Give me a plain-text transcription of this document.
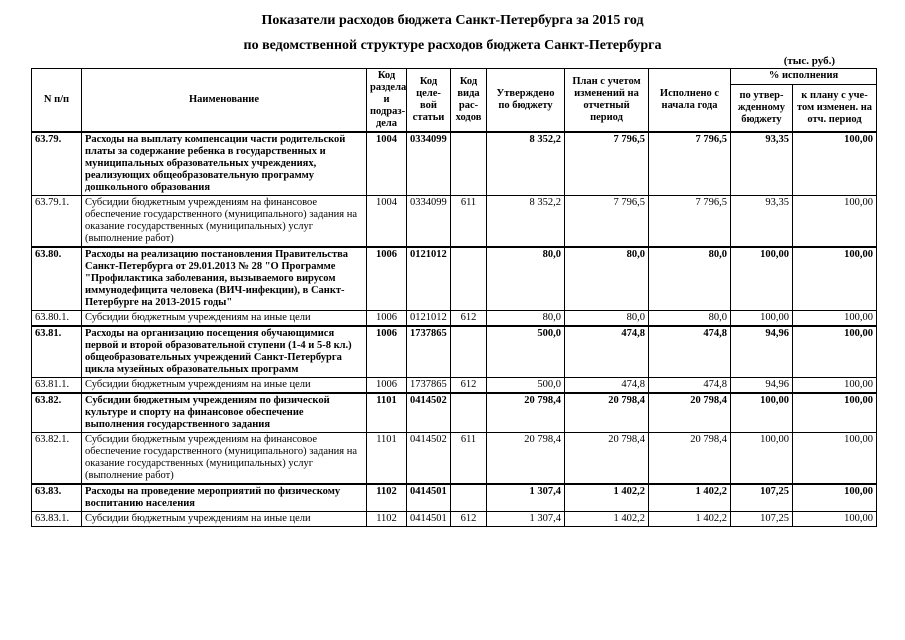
Показатели расходов бюджета Санкт-Петербурга за 2015 год
по ведомственной структуре расходов бюджета Санкт-Петербурга
(тыс. руб.)
N п/п	Наименование	Код раздела и подраз-дела	Код целе-вой статьи	Код вида рас-ходов	Утверждено по бюджету	План с учетом изменений на отчетный период	Исполнено с начала года	% исполнения	
								по утвер-жденному бюджету	к плану с уче-том изменен. на отч. период
63.79.	Расходы на выплату компенсации части родительской платы за содержание ребенка в государственных и муниципальных образовательных учреждениях, реализующих общеобразовательную программу дошкольного образования	1004	0334099		8 352,2	7 796,5	7 796,5	93,35	100,00
63.79.1.	Субсидии бюджетным учреждениям на финансовое обеспечение государственного (муниципального) задания на оказание государственных (муниципальных) услуг (выполнение работ)	1004	0334099	611	8 352,2	7 796,5	7 796,5	93,35	100,00
63.80.	Расходы на реализацию постановления Правительства Санкт-Петербурга от 29.01.2013 № 28 "О Программе "Профилактика заболевания, вызываемого вирусом иммунодефицита человека (ВИЧ-инфекции), в Санкт-Петербурге на 2013-2015 годы"	1006	0121012		80,0	80,0	80,0	100,00	100,00
63.80.1.	Субсидии бюджетным учреждениям на иные цели	1006	0121012	612	80,0	80,0	80,0	100,00	100,00
63.81.	Расходы на организацию посещения обучающимися первой и второй образовательной ступени (1-4 и 5-8 кл.) общеобразовательных учреждений Санкт-Петербурга цикла музейных образовательных программ	1006	1737865		500,0	474,8	474,8	94,96	100,00
63.81.1.	Субсидии бюджетным учреждениям на иные цели	1006	1737865	612	500,0	474,8	474,8	94,96	100,00
63.82.	Субсидии бюджетным учреждениям по физической культуре и спорту на финансовое обеспечение выполнения государственного задания	1101	0414502		20 798,4	20 798,4	20 798,4	100,00	100,00
63.82.1.	Субсидии бюджетным учреждениям на финансовое обеспечение государственного (муниципального) задания на оказание государственных (муниципальных) услуг (выполнение работ)	1101	0414502	611	20 798,4	20 798,4	20 798,4	100,00	100,00
63.83.	Расходы на проведение мероприятий по физическому воспитанию населения	1102	0414501		1 307,4	1 402,2	1 402,2	107,25	100,00
63.83.1.	Субсидии бюджетным учреждениям на иные цели	1102	0414501	612	1 307,4	1 402,2	1 402,2	107,25	100,00
